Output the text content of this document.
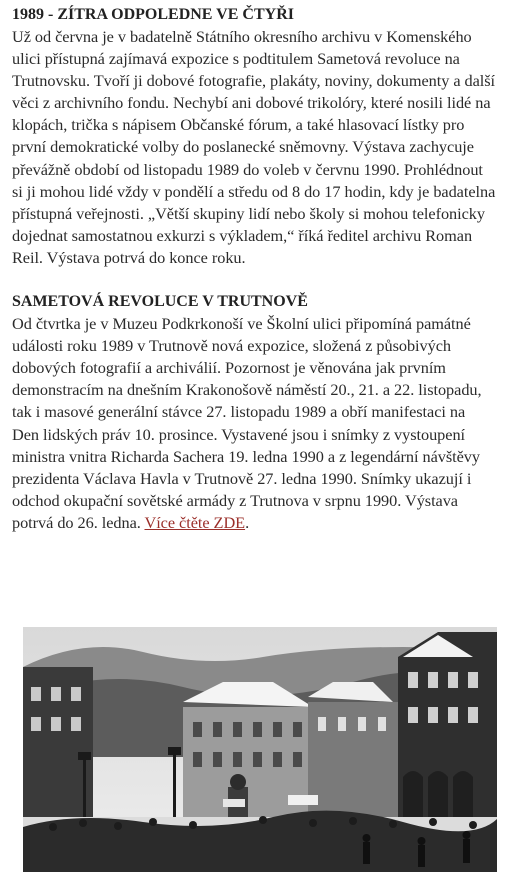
1989 - ZÍTRA ODPOLEDNE VE ČTYŘI

Už od června je v badatelně Státního okresního archivu v Komenského ulici přístupná zajímavá expozice s podtitulem Sametová revoluce na Trutnovsku. Tvoří ji dobové fotografie, plakáty, noviny, dokumenty a další věci z archivního fondu. Nechybí ani dobové trikolóry, které nosili lidé na klopách, trička s nápisem Občanské fórum, a také hlasovací lístky pro první demokratické volby do poslanecké sněmovny. Výstava zachycuje převážně období od listopadu 1989 do voleb v červnu 1990. Prohlédnout si ji mohou lidé vždy v pondělí a středu od 8 do 17 hodin, kdy je badatelna přístupná veřejnosti. „Větší skupiny lidí nebo školy si mohou telefonicky dojednat samostatnou exkurzi s výkladem,“ říká ředitel archivu Roman Reil. Výstava potrvá do konce roku.

SAMETOVÁ REVOLUCE V TRUTNOVĚ

Od čtvrtka je v Muzeu Podkrkonoší ve Školní ulici připomíná památné události roku 1989 v Trutnově nová expozice, složená z působivých dobových fotografií a archiválií. Pozornost je věnována jak prvním demonstracím na dnešním Krakonošově náměstí 20., 21. a 22. listopadu, tak i masové generální stávce 27. listopadu 1989 a obří manifestaci na Den lidských práv 10. prosince. Vystavené jsou i snímky z vystoupení ministra vnitra Richarda Sachera 19. ledna 1990 a z legendární návštěvy prezidenta Václava Havla v Trutnově 27. ledna 1990. Snímky ukazují i odchod okupační sovětské armády z Trutnova v srpnu 1990. Výstava potrvá do 26. ledna. Více čtěte ZDE.
